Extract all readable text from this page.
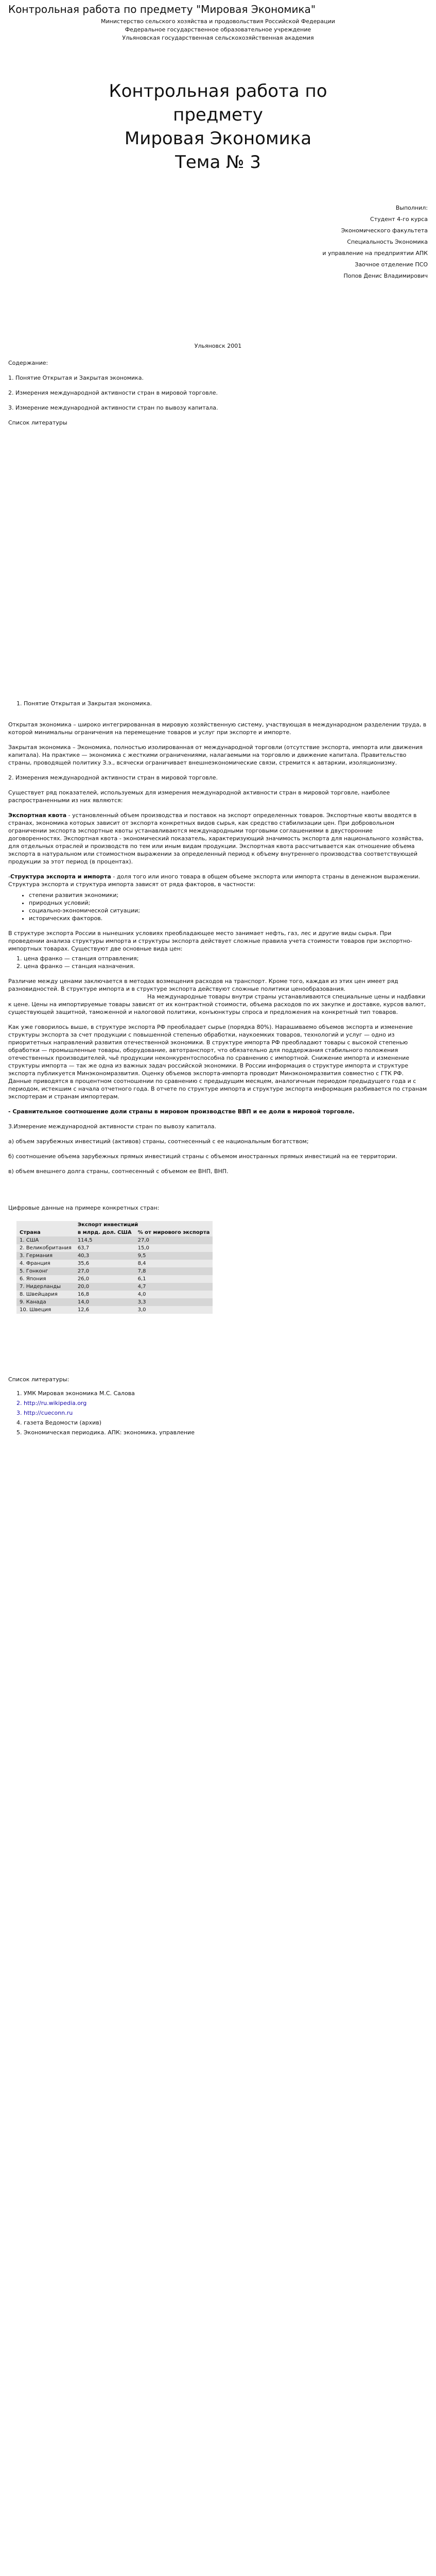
Контрольная работа по предмету "Мировая Экономика"

Министерство сельского хозяйства и продовольствия Российской Федерации

Федеральное государственное образовательное учреждение

Ульяновская государственная сельскохозяйственная академия

Контрольная работа по

предмету

Мировая Экономика

Тема № 3

Выполнил:

Студент 4-го курса

Экономического факультета

Специальность Экономика

и управление на предприятии АПК

Заочное отделение ПСО

Попов Денис Владимирович

Ульяновск 2001

Содержание:

1. Понятие Открытая и Закрытая экономика.

2. Измерения международной активности стран в мировой торговле.

3. Измерение международной активности стран по вывозу капитала.

Список литературы

1. Понятие Открытая и Закрытая экономика.

Открытая экономика – широко интегрированная в мировую хозяйственную систему, участвующая в международном разделении труда, в которой минимальны ограничения на перемещение товаров и услуг при экспорте и импорте.

Закрытая экономика – Экономика, полностью изолированная от международной торговли (отсутствие экспорта, импорта или движения капитала). На практике — экономика с жесткими ограничениями, налагаемыми на торговлю и движение капитала. Правительство страны, проводящей политику З.э., всячески ограничивает внешнеэкономические связи, стремится к автаркии, изоляционизму.

2. Измерения международной активности стран в мировой торговле.

Существует ряд показателей, используемых для измерения международной активности стран в мировой торговле, наиболее распространенными из них являются:

Экспортная квота - установленный объем производства и поставок на экспорт определенных товаров. Экспортные квоты вводятся в странах, экономика которых зависит от экспорта конкретных видов сырья, как средство стабилизации цен. При добровольном ограничении экспорта экспортные квоты устанавливаются международными торговыми соглашениями в двусторонние договоренностях. Экспортная квота - экономический показатель, характеризующий значимость экспорта для национального хозяйства, для отдельных отраслей и производств по тем или иным видам продукции. Экспортная квота рассчитывается как отношение объема экспорта в натуральном или стоимостном выражении за определенный период к объему внутреннего производства соответствующей продукции за этот период (в процентах).

-Структура экспорта и импорта - доля того или иного товара в общем объеме экспорта или импорта страны в денежном выражении. Структура экспорта и структура импорта зависят от ряда факторов, в частности:

• степени развития экономики;
• природных условий;
• социально-экономической ситуации;
• исторических факторов.

В структуре экспорта России в нынешних условиях преобладающее место занимает нефть, газ, лес и другие виды сырья. При проведении анализа структуры импорта и структуры экспорта действует сложные правила учета стоимости товаров при экспортно-импортных товарах. Существуют две основные вида цен:

1. цена франко — станция отправления;
2. цена франко — станция назначения.

Различие между ценами заключается в методах возмещения расходов на транспорт. Кроме того, каждая из этих цен имеет ряд разновидностей. В структуре импорта и в структуре экспорта действуют сложные политики ценообразования.

На международные товары внутри страны устанавливаются специальные цены и надбавки к цене. Цены на импортируемые товары зависят от их контрактной стоимости, объема расходов по их закупке и доставке, курсов валют, существующей защитной, таможенной и налоговой политики, конъюнктуры спроса и предложения на конкретный тип товаров.

Как уже говорилось выше, в структуре экспорта РФ преобладает сырье (порядка 80%). Нарашиваемо объемов экспорта и изменение структуры экспорта за счет продукции с повышенной степенью обработки, наукоемких товаров, технологий и услуг — одно из приоритетных направлений развития отечественной экономики. В структуре импорта РФ преобладают товары с высокой степенью обработки — промышленные товары, оборудование, автотранспорт, что обязательно для поддержания стабильного положения отечественных производителей, чьё продукции неконкурентоспособна по сравнению с импортной. Снижение импорта и изменение структуры импорта — так же одна из важных задач российской экономики. В России информация о структуре импорта и структуре экспорта публикуется Минэкономразвития. Оценку объемов экспорта-импорта проводит Минэкономразвития совместно с ГТК РФ. Данные приводятся в процентном соотношении по сравнению с предыдущим месяцем, аналогичным периодом предыдущего года и с периодом, истекшим с начала отчетного года. В отчете по структуре импорта и структуре экспорта информация разбивается по странам экспортерам и странам импортерам.

- Сравнительное соотношение доли страны в мировом производстве ВВП и ее доли в мировой торговле.

3.Измерение международной активности стран по вывозу капитала.

а) объем зарубежных инвестиций (активов) страны, соотнесенный с ее национальным богатством;

б) соотношение объема зарубежных прямых инвестиций страны с объемом иностранных прямых инвестиций на ее территории.

в) объем внешнего долга страны, соотнесенный с объемом ее ВНП, ВНП.

Цифровые данные на примере конкретных стран:

	Экспорт инвестиций	
Страна	в млрд. дол. США	% от мирового экспорта
1. США	114,5	27,0
2. Великобритания	63,7	15,0
3. Германия	40,3	9,5
4. Франция	35,6	8,4
5. Гонконг	27,0	7,8
6. Япония	26,0	6,1
7. Нидерланды	20,0	4,7
8. Швейцария	16,8	4,0
9. Канада	14,0	3,3
10. Швеция	12,6	3,0

Список литературы:

1. УМК Мировая экономика М.С. Салова
2. http://ru.wikipedia.org
3. http://cueconn.ru
4. газета Ведомости (архив)
5. Экономическая периодика. АПК: экономика, управление
